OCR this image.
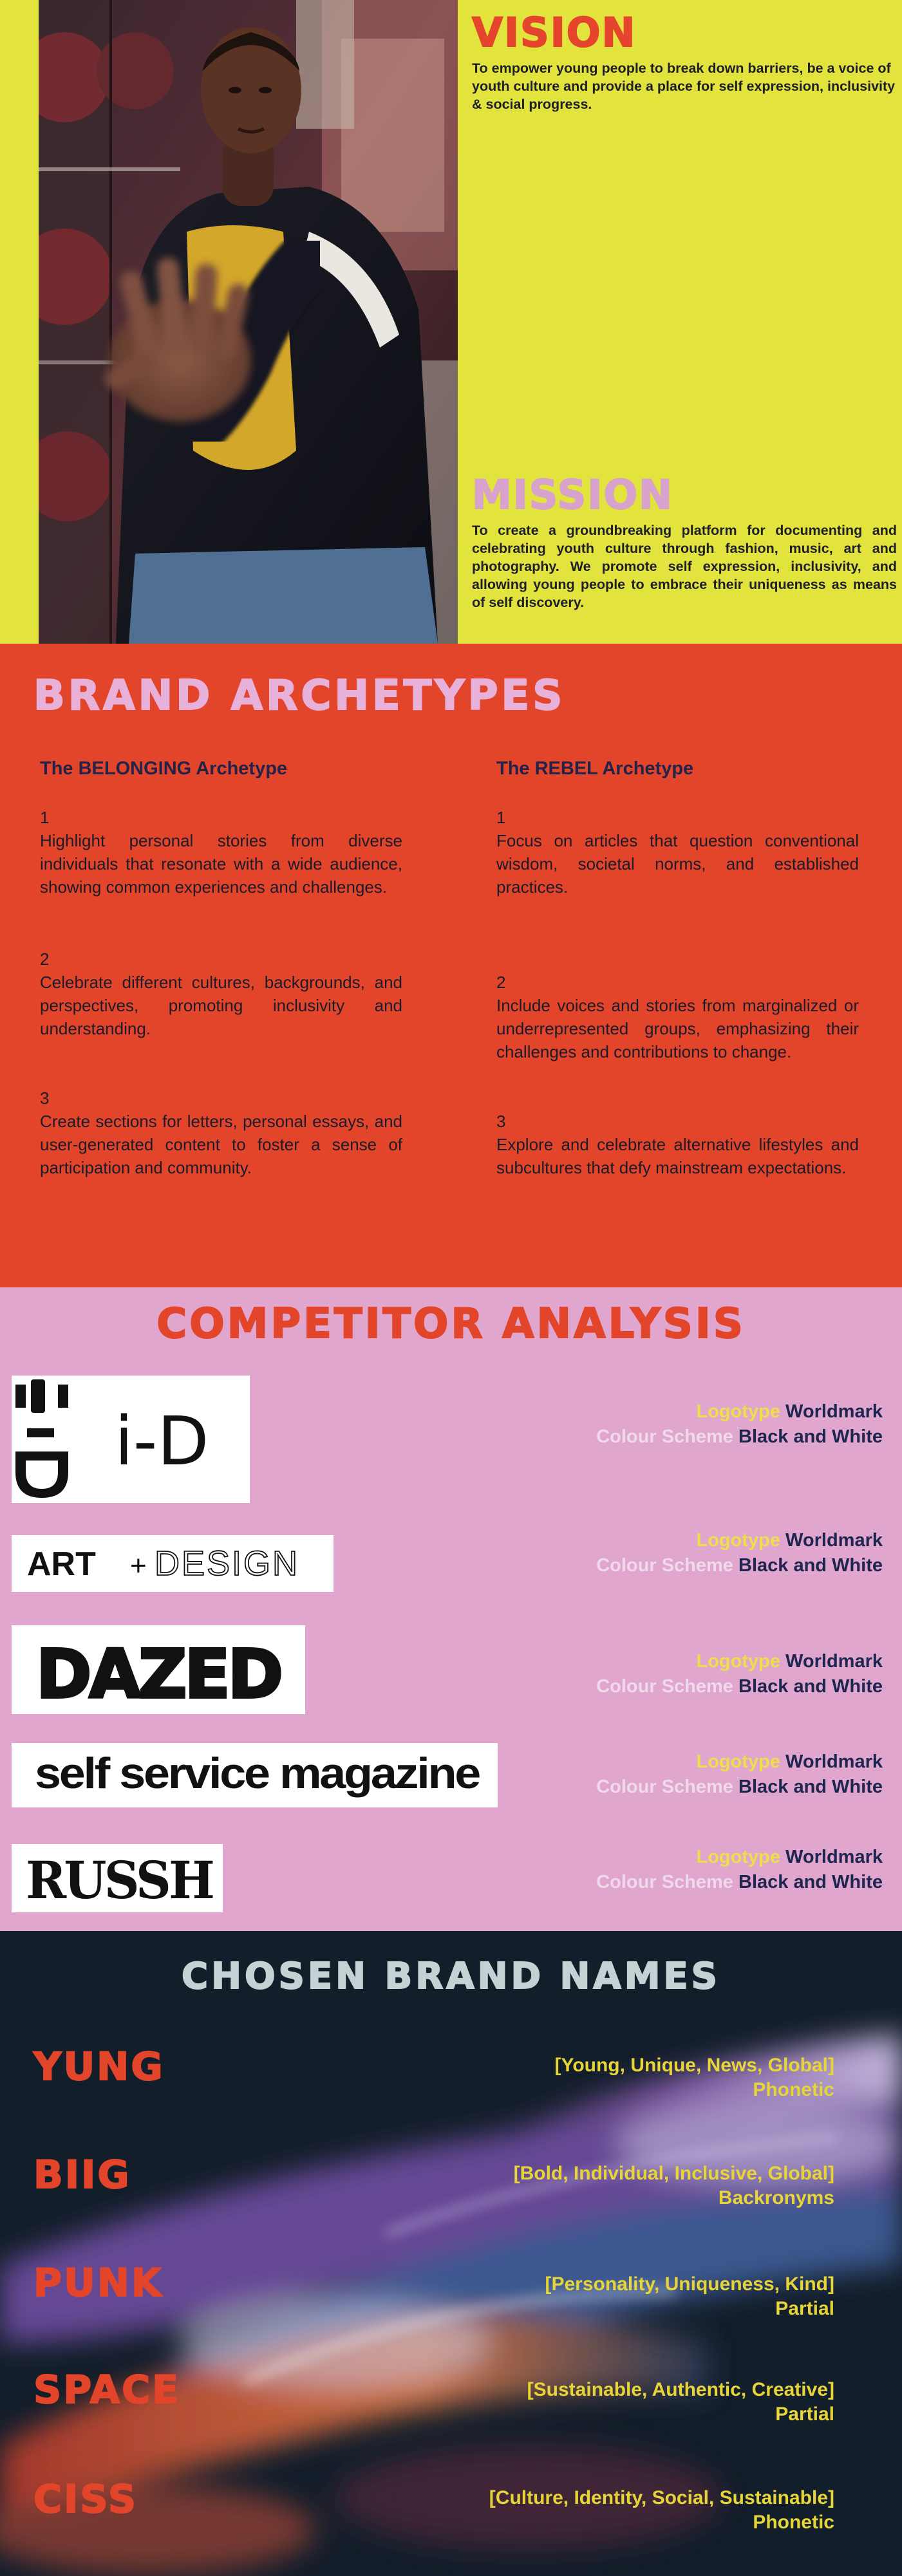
VISION

To empower young people to break down barriers, be a voice of youth culture and provide a place for self expression, inclusivity & social progress.

MISSION

To create a groundbreaking platform for documenting and celebrating youth culture through fashion, music, art and photography. We promote self expression, inclusivity, and allowing young people to embrace their uniqueness as means of self discovery.

BRAND ARCHETYPES
The BELONGING Archetype
1
Highlight personal stories from diverse individuals that resonate with a wide audience, showing common experiences and challenges.
2
Celebrate different cultures, backgrounds, and perspectives, promoting inclusivity and understanding.
3
Create sections for letters, personal essays, and user-generated content to foster a sense of participation and community.
The REBEL Archetype
1
Focus on articles that question conventional wisdom, societal norms, and established practices.
2
Include voices and stories from marginalized or underrepresented groups, emphasizing their challenges and contributions to change.
3
Explore and celebrate alternative lifestyles and subcultures that defy mainstream expectations.
COMPETITOR ANALYSIS
i-D	Logotype Worldmark
Colour Scheme Black and White
ART + DESIGN
Logotype Worldmark
Colour Scheme Black and White
DAZED	Logotype Worldmark
Colour Scheme Black and White
self service magazine	Logotype Worldmark
Colour Scheme Black and White
RUSSH	Logotype Worldmark
Colour Scheme Black and White
CHOSEN BRAND NAMES
YUNG	[Young, Unique, News, Global]
Phonetic
BIIG	[Bold, Individual, Inclusive, Global]
Backronyms
PUNK	[Personality, Uniqueness, Kind]
Partial
SPACE	[Sustainable, Authentic, Creative]
Partial
CISS	[Culture, Identity, Social, Sustainable]
Phonetic
